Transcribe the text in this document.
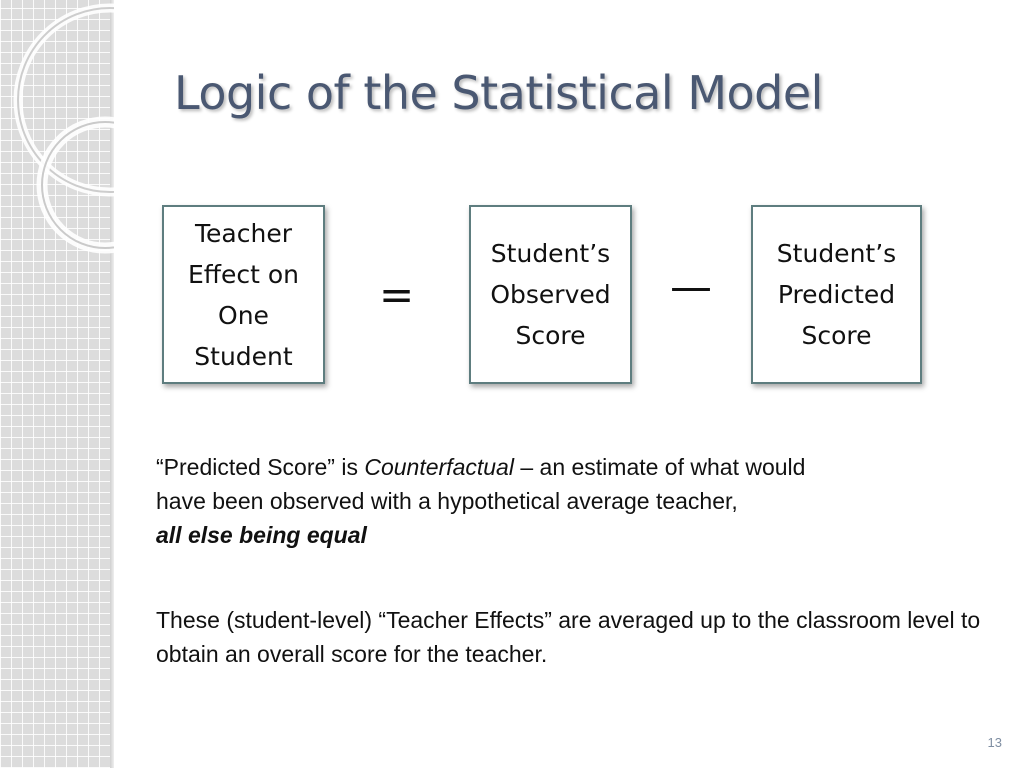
Logic of the Statistical Model
Teacher
Effect on
One
Student
=
Student’s
Observed
Score
—
Student’s
Predicted
Score
“Predicted Score” is Counterfactual – an estimate of what would
have been observed with a hypothetical average teacher,
all else being equal
These (student-level) “Teacher Effects” are averaged up to the classroom level to obtain an overall score for the teacher.
13
